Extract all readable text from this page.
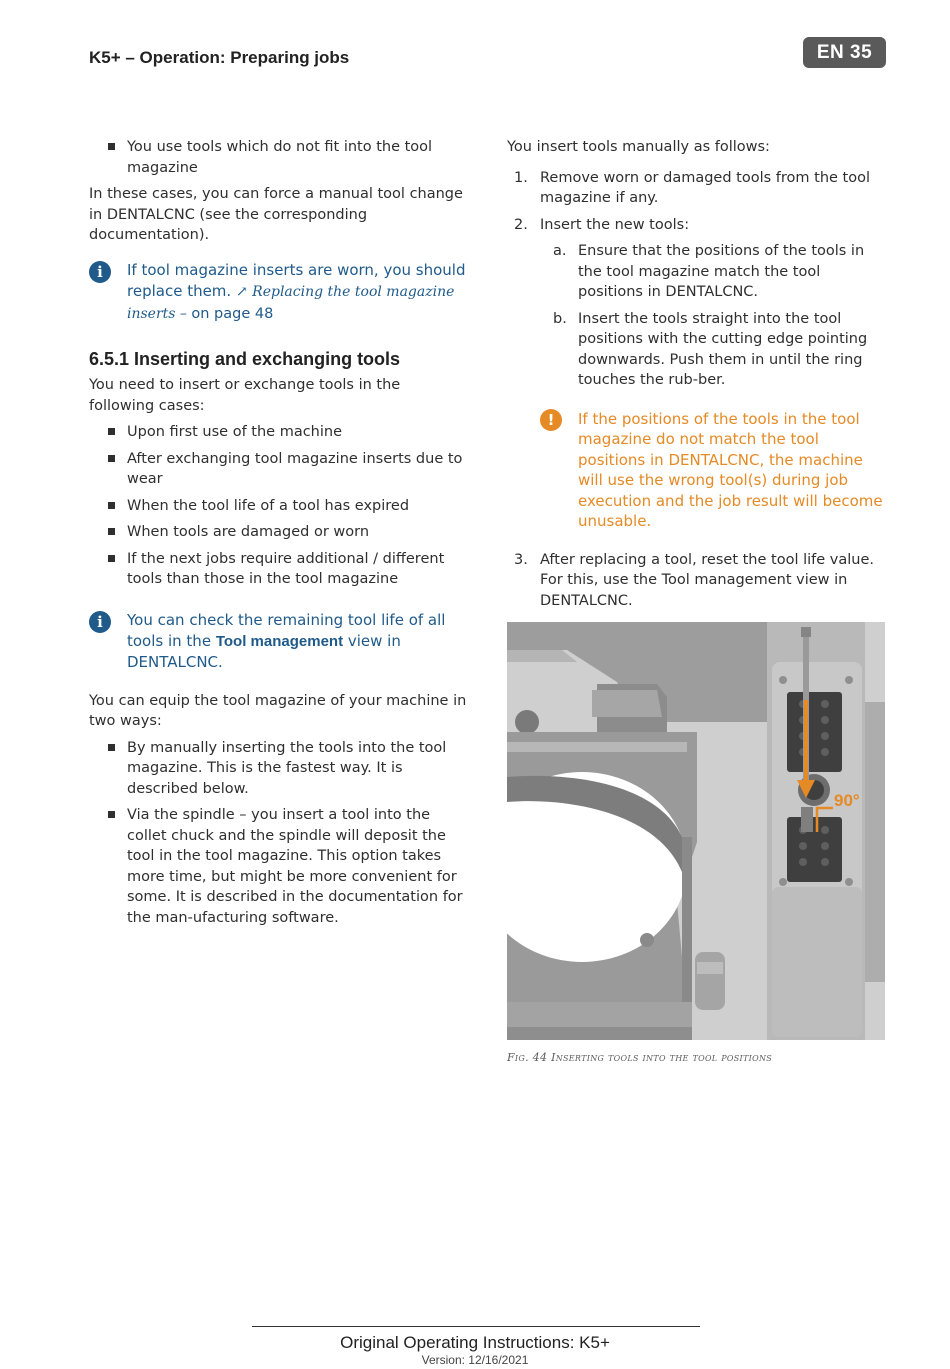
K5+ – Operation: Preparing jobs	EN 35
You use tools which do not fit into the tool magazine

In these cases, you can force a manual tool change in DENTALCNC (see the corresponding documentation).

i	If tool magazine inserts are worn, you should replace them. ↗ Replacing the tool magazine inserts – on page 48
6.5.1 Inserting and exchanging tools

You need to insert or exchange tools in the following cases:

Upon first use of the machine
After exchanging tool magazine inserts due to wear
When the tool life of a tool has expired
When tools are damaged or worn
If the next jobs require additional / different tools than those in the tool magazine
i	You can check the remaining tool life of all tools in the Tool management view in DENTALCNC.

You can equip the tool magazine of your machine in two ways:

By manually inserting the tools into the tool magazine. This is the fastest way. It is described below.
Via the spindle – you insert a tool into the collet chuck and the spindle will deposit the tool in the tool magazine. This option takes more time, but might be more convenient for some. It is described in the documentation for the man-ufacturing software.

You insert tools manually as follows:

1. Remove worn or damaged tools from the tool magazine if any.
2. Insert the new tools:
a. Ensure that the positions of the tools in the tool magazine match the tool positions in DENTALCNC.
b. Insert the tools straight into the tool positions with the cutting edge pointing downwards. Push them in until the ring touches the rub-ber.
!	If the positions of the tools in the tool magazine do not match the tool positions in DENTALCNC, the machine will use the wrong tool(s) during job execution and the job result will become unusable.
3. After replacing a tool, reset the tool life value. For this, use the Tool management view in DENTALCNC.
90°
Fig. 44 Inserting tools into the tool positions
Original Operating Instructions: K5+
Version: 12/16/2021
